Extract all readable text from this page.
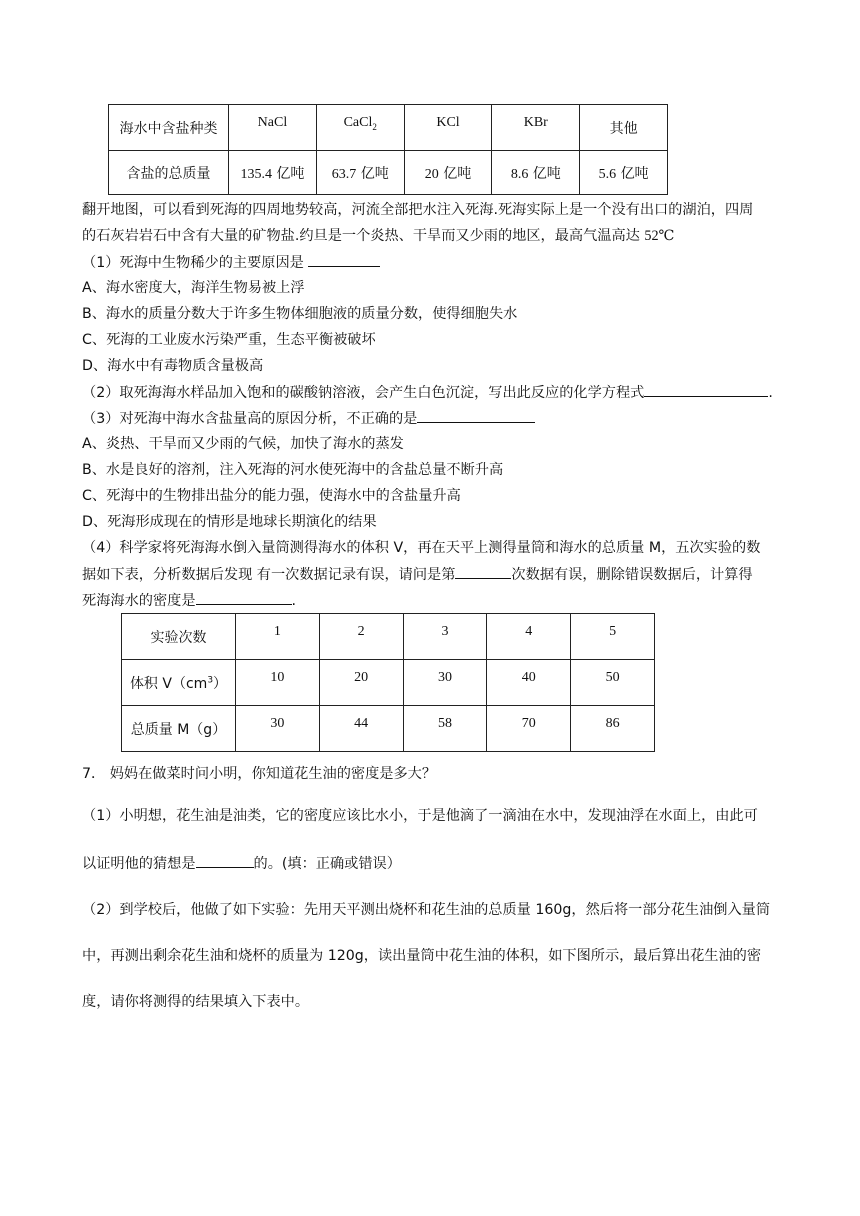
海水中含盐种类	NaCl	CaCl$_2$	KCl	KBr	其他
含盐的总质量	135.4 亿吨	63.7 亿吨	20 亿吨	8.6 亿吨	5.6 亿吨
翻开地图，可以看到死海的四周地势较高，河流全部把水注入死海.死海实际上是一个没有出口的湖泊，四周
的石灰岩岩石中含有大量的矿物盐.约旦是一个炎热、干旱而又少雨的地区，最高气温高达 52℃
（1）死海中生物稀少的主要原因是
A、海水密度大，海洋生物易被上浮
B、海水的质量分数大于许多生物体细胞液的质量分数，使得细胞失水
C、死海的工业废水污染严重，生态平衡被破坏
D、海水中有毒物质含量极高
（2）取死海海水样品加入饱和的碳酸钠溶液，会产生白色沉淀，写出此反应的化学方程式	.
（3）对死海中海水含盐量高的原因分析，不正确的是
A、炎热、干旱而又少雨的气候，加快了海水的蒸发
B、水是良好的溶剂，注入死海的河水使死海中的含盐总量不断升高
C、死海中的生物排出盐分的能力强，使海水中的含盐量升高
D、死海形成现在的情形是地球长期演化的结果
（4）科学家将死海海水倒入量筒测得海水的体积 V，再在天平上测得量筒和海水的总质量 M，五次实验的数
据如下表，分析数据后发现 有一次数据记录有误，请问是第	次数据有误，删除错误数据后，计算得
死海海水的密度是	.
实验次数	1	2	3	4	5
体积 $V(cm^3)$	10	20	30	40	50
总质量 M（g）	30	44	58	70	86
7． 妈妈在做菜时问小明，你知道花生油的密度是多大？
（1）小明想，花生油是油类，它的密度应该比水小，于是他滴了一滴油在水中，发现油浮在水面上，由此可
以证明他的猜想是	的。(填：正确或错误）
（2）到学校后，他做了如下实验：先用天平测出烧杯和花生油的总质量 160g，然后将一部分花生油倒入量筒
中，再测出剩余花生油和烧杯的质量为 120g，读出量筒中花生油的体积，如下图所示，最后算出花生油的密
度，请你将测得的结果填入下表中。
